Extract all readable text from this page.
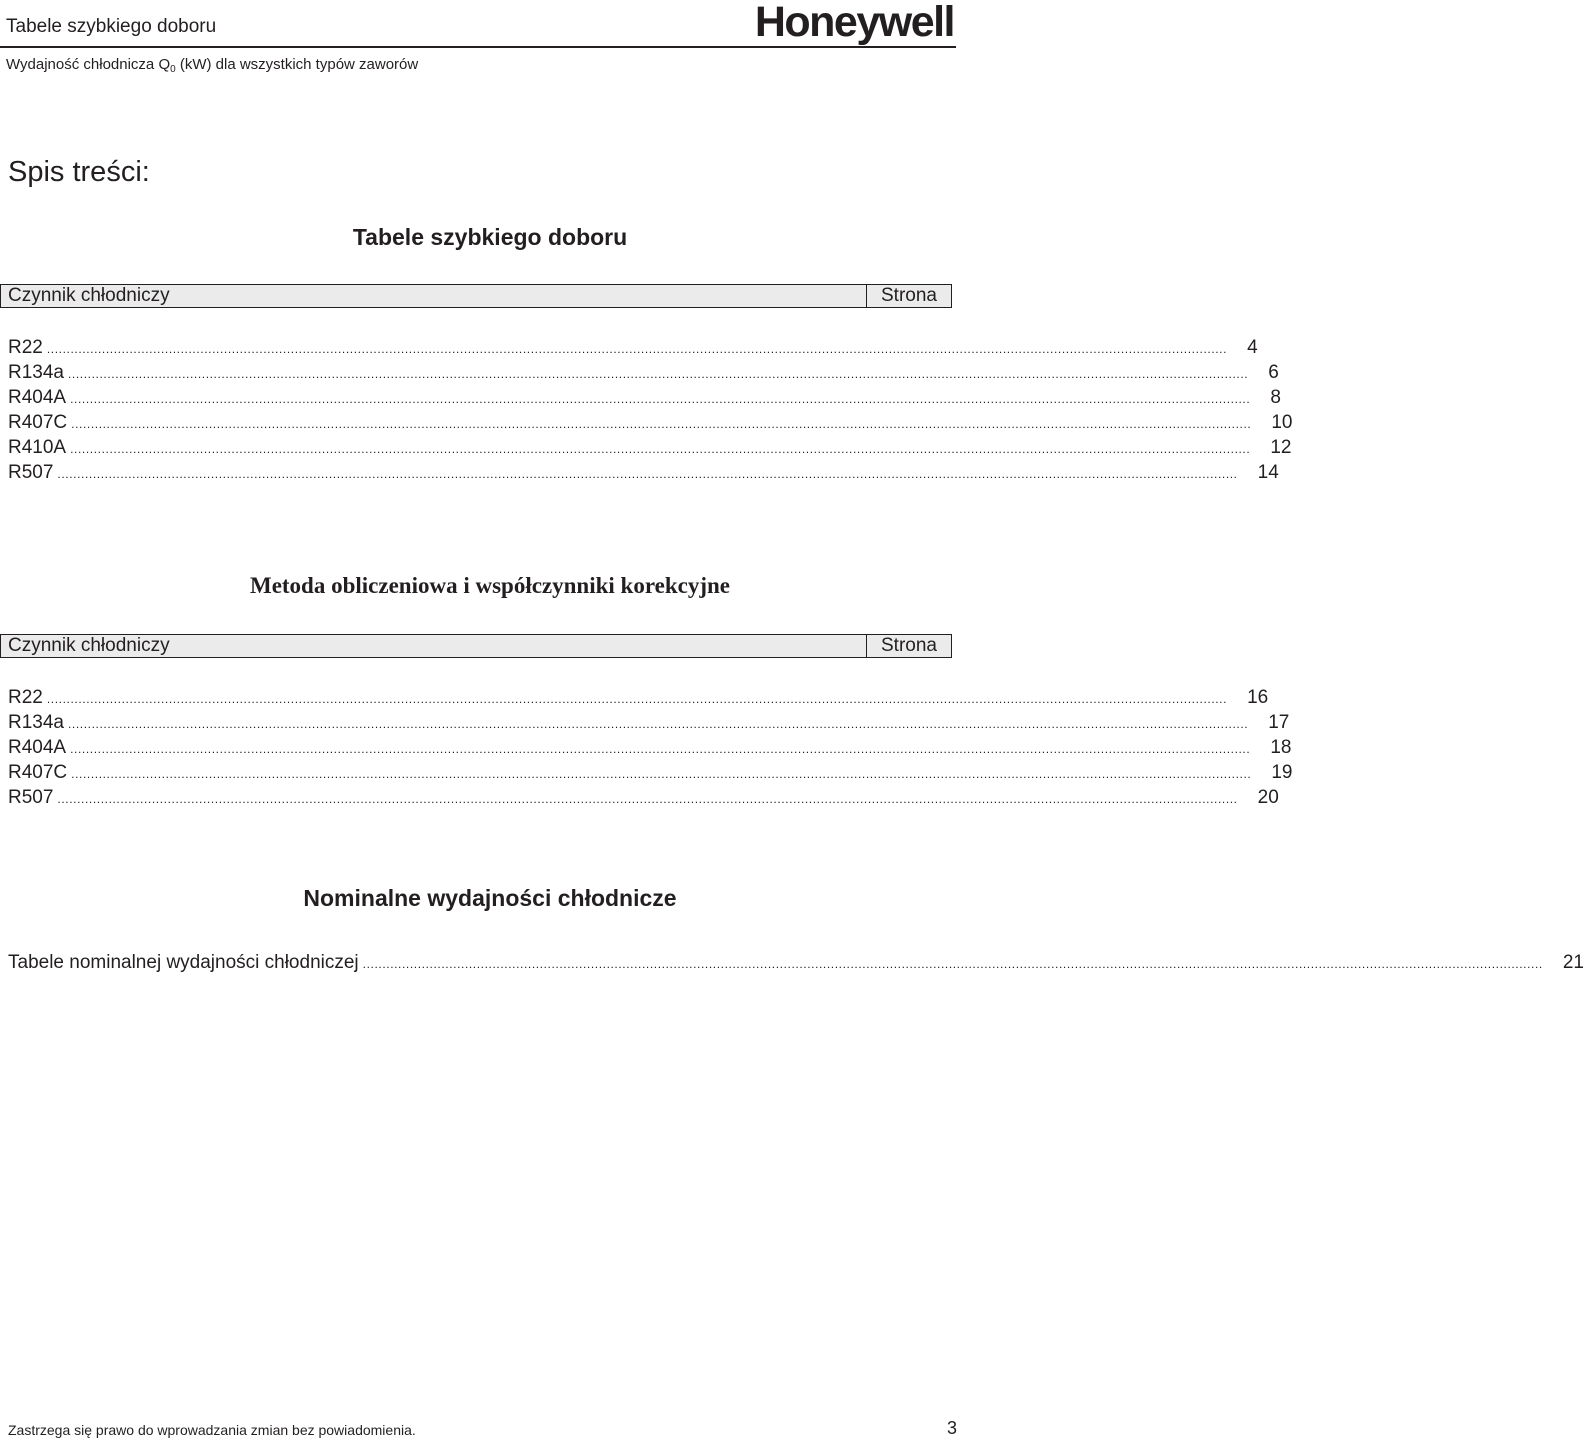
Tabele szybkiego doboru
Wydajność chłodnicza $Q_0$ (kW) dla wszystkich typów zaworów
Honeywell
Spis treści:
Tabele szybkiego doboru
Czynnik chłodniczy	Strona
R22 ............................................................................................................................................................................................................................................................................................................ 4
R134a ............................................................................................................................................................................................................................................................................................................ 6
R404A ............................................................................................................................................................................................................................................................................................................ 8
R407C ............................................................................................................................................................................................................................................................................................................ 10
R410A ............................................................................................................................................................................................................................................................................................................ 12
R507 ............................................................................................................................................................................................................................................................................................................ 14
Metoda obliczeniowa i współczynniki korekcyjne
Czynnik chłodniczy	Strona
R22 ............................................................................................................................................................................................................................................................................................................ 16
R134a ............................................................................................................................................................................................................................................................................................................ 17
R404A ............................................................................................................................................................................................................................................................................................................ 18
R407C ............................................................................................................................................................................................................................................................................................................ 19
R507 ............................................................................................................................................................................................................................................................................................................ 20
Nominalne wydajności chłodnicze
Tabele nominalnej wydajności chłodniczej ............................................................................................................................................................................................................................................................................................................ 21
Zastrzega się prawo do wprowadzania zmian bez powiadomienia.	3
